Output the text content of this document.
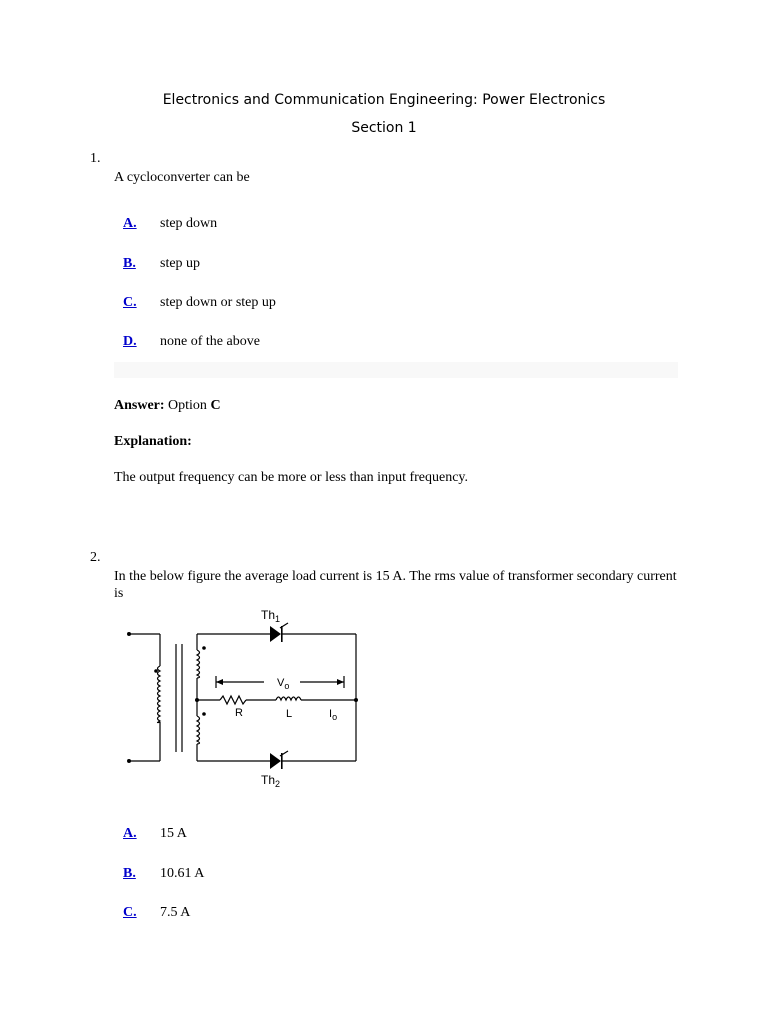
Electronics and Communication Engineering: Power Electronics
Section 1
1.
A cycloconverter can be
A. step down
B. step up
C. step down or step up
D. none of the above
Answer: Option C
Explanation:
The output frequency can be more or less than input frequency.
2.
In the below figure the average load current is 15 A. The rms value of transformer secondary current is
$Th_1$
$Th_2$
$V_o$
R	L	$I_o$
A. 15 A
B. 10.61 A
C. 7.5 A
